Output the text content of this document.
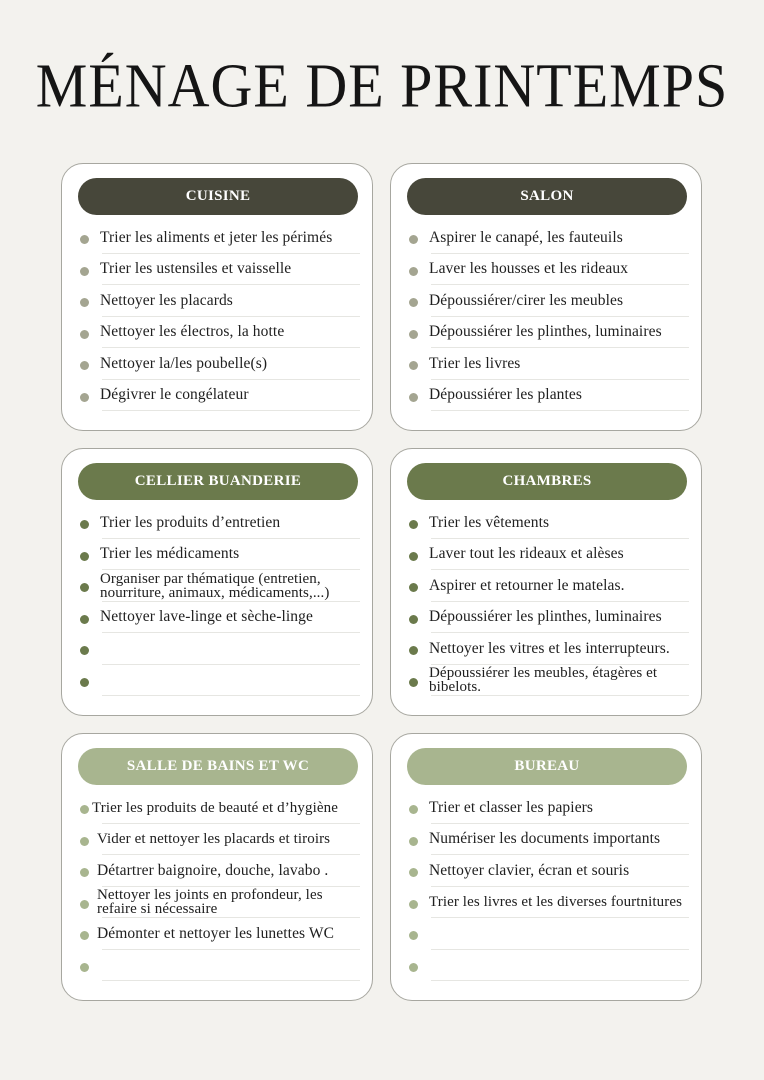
MÉNAGE DE PRINTEMPS
CUISINE
Trier les aliments et jeter les périmés
Trier les ustensiles et vaisselle
Nettoyer les placards
Nettoyer les électros, la hotte
Nettoyer la/les poubelle(s)
Dégivrer le congélateur
SALON
Aspirer le canapé, les fauteuils
Laver les housses et les rideaux
Dépoussiérer/cirer les meubles
Dépoussiérer les plinthes, luminaires
Trier les livres
Dépoussiérer les plantes
CELLIER BUANDERIE
Trier les produits d’entretien
Trier les médicaments
Organiser par thématique (entretien, nourriture, animaux, médicaments,...)
Nettoyer lave-linge et sèche-linge
CHAMBRES
Trier les vêtements
Laver tout les rideaux et alèses
Aspirer et retourner le matelas.
Dépoussiérer les plinthes, luminaires
Nettoyer les vitres et les interrupteurs.
Dépoussiérer les meubles, étagères et bibelots.
SALLE DE BAINS ET WC
Trier les produits de beauté et d’hygiène
Vider et nettoyer les placards et tiroirs
Détartrer baignoire, douche, lavabo .
Nettoyer les joints en profondeur, les refaire si nécessaire
Démonter et nettoyer les lunettes WC
BUREAU
Trier et classer les papiers
Numériser les documents importants
Nettoyer clavier, écran et souris
Trier les livres et les diverses fourtnitures
